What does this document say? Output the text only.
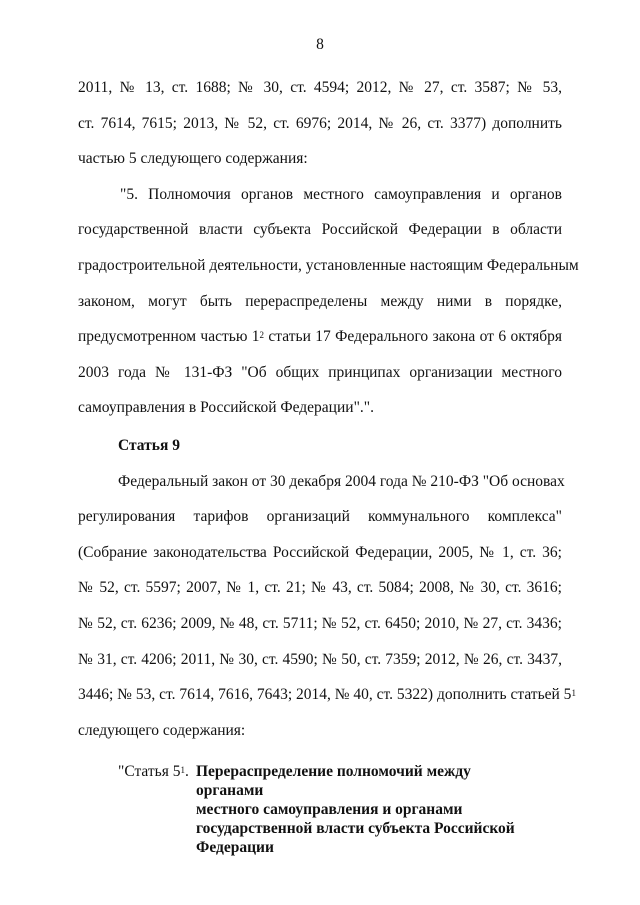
8
2011, № 13, ст. 1688; № 30, ст. 4594; 2012, № 27, ст. 3587; № 53,
ст. 7614, 7615; 2013, № 52, ст. 6976; 2014, № 26, ст. 3377) дополнить
частью 5 следующего содержания:
"5. Полномочия органов местного самоуправления и органов
государственной власти субъекта Российской Федерации в области
градостроительной деятельности, установленные настоящим Федеральным
законом, могут быть перераспределены между ними в порядке,
предусмотренном частью $1^2$ статьи 17 Федерального закона от 6 октября
2003 года № 131-ФЗ "Об общих принципах организации местного
самоуправления в Российской Федерации".".
Статья 9
Федеральный закон от 30 декабря 2004 года № 210-ФЗ "Об основах
регулирования тарифов организаций коммунального комплекса"
(Собрание законодательства Российской Федерации, 2005, № 1, ст. 36;
№ 52, ст. 5597; 2007, № 1, ст. 21; № 43, ст. 5084; 2008, № 30, ст. 3616;
№ 52, ст. 6236; 2009, № 48, ст. 5711; № 52, ст. 6450; 2010, № 27, ст. 3436;
№ 31, ст. 4206; 2011, № 30, ст. 4590; № 50, ст. 7359; 2012, № 26, ст. 3437,
3446; № 53, ст. 7614, 7616, 7643; 2014, № 40, ст. 5322) дополнить статьей $5^1$
следующего содержания:
"Статья $5^1$. Перераспределение полномочий между органами
местного самоуправления и органами
государственной власти субъекта Российской
Федерации
